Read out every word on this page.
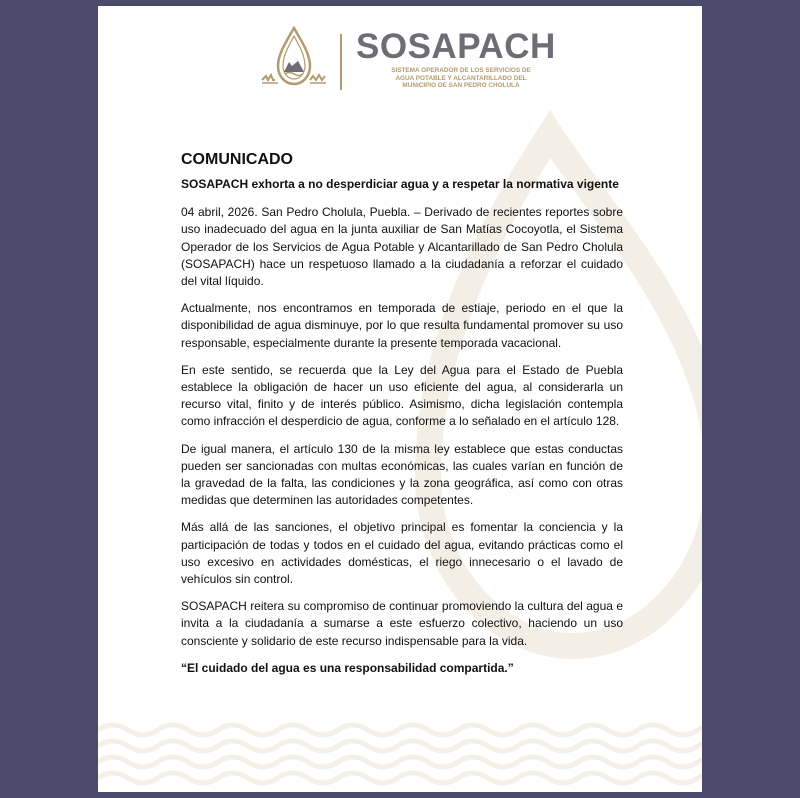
SOSAPACH
SISTEMA OPERADOR DE LOS SERVICIOS DE
AGUA POTABLE Y ALCANTARILLADO DEL
MUNICIPIO DE SAN PEDRO CHOLULA
COMUNICADO
SOSAPACH exhorta a no desperdiciar agua y a respetar la normativa vigente

04 abril, 2026. San Pedro Cholula, Puebla. – Derivado de recientes reportes sobre uso inadecuado del agua en la junta auxiliar de San Matías Cocoyotla, el Sistema Operador de los Servicios de Agua Potable y Alcantarillado de San Pedro Cholula (SOSAPACH) hace un respetuoso llamado a la ciudadanía a reforzar el cuidado del vital líquido.

Actualmente, nos encontramos en temporada de estiaje, periodo en el que la disponibilidad de agua disminuye, por lo que resulta fundamental promover su uso responsable, especialmente durante la presente temporada vacacional.

En este sentido, se recuerda que la Ley del Agua para el Estado de Puebla establece la obligación de hacer un uso eficiente del agua, al considerarla un recurso vital, finito y de interés público. Asimismo, dicha legislación contempla como infracción el desperdicio de agua, conforme a lo señalado en el artículo 128.

De igual manera, el artículo 130 de la misma ley establece que estas conductas pueden ser sancionadas con multas económicas, las cuales varían en función de la gravedad de la falta, las condiciones y la zona geográfica, así como con otras medidas que determinen las autoridades competentes.

Más allá de las sanciones, el objetivo principal es fomentar la conciencia y la participación de todas y todos en el cuidado del agua, evitando prácticas como el uso excesivo en actividades domésticas, el riego innecesario o el lavado de vehículos sin control.

SOSAPACH reitera su compromiso de continuar promoviendo la cultura del agua e invita a la ciudadanía a sumarse a este esfuerzo colectivo, haciendo un uso consciente y solidario de este recurso indispensable para la vida.

“El cuidado del agua es una responsabilidad compartida.”
